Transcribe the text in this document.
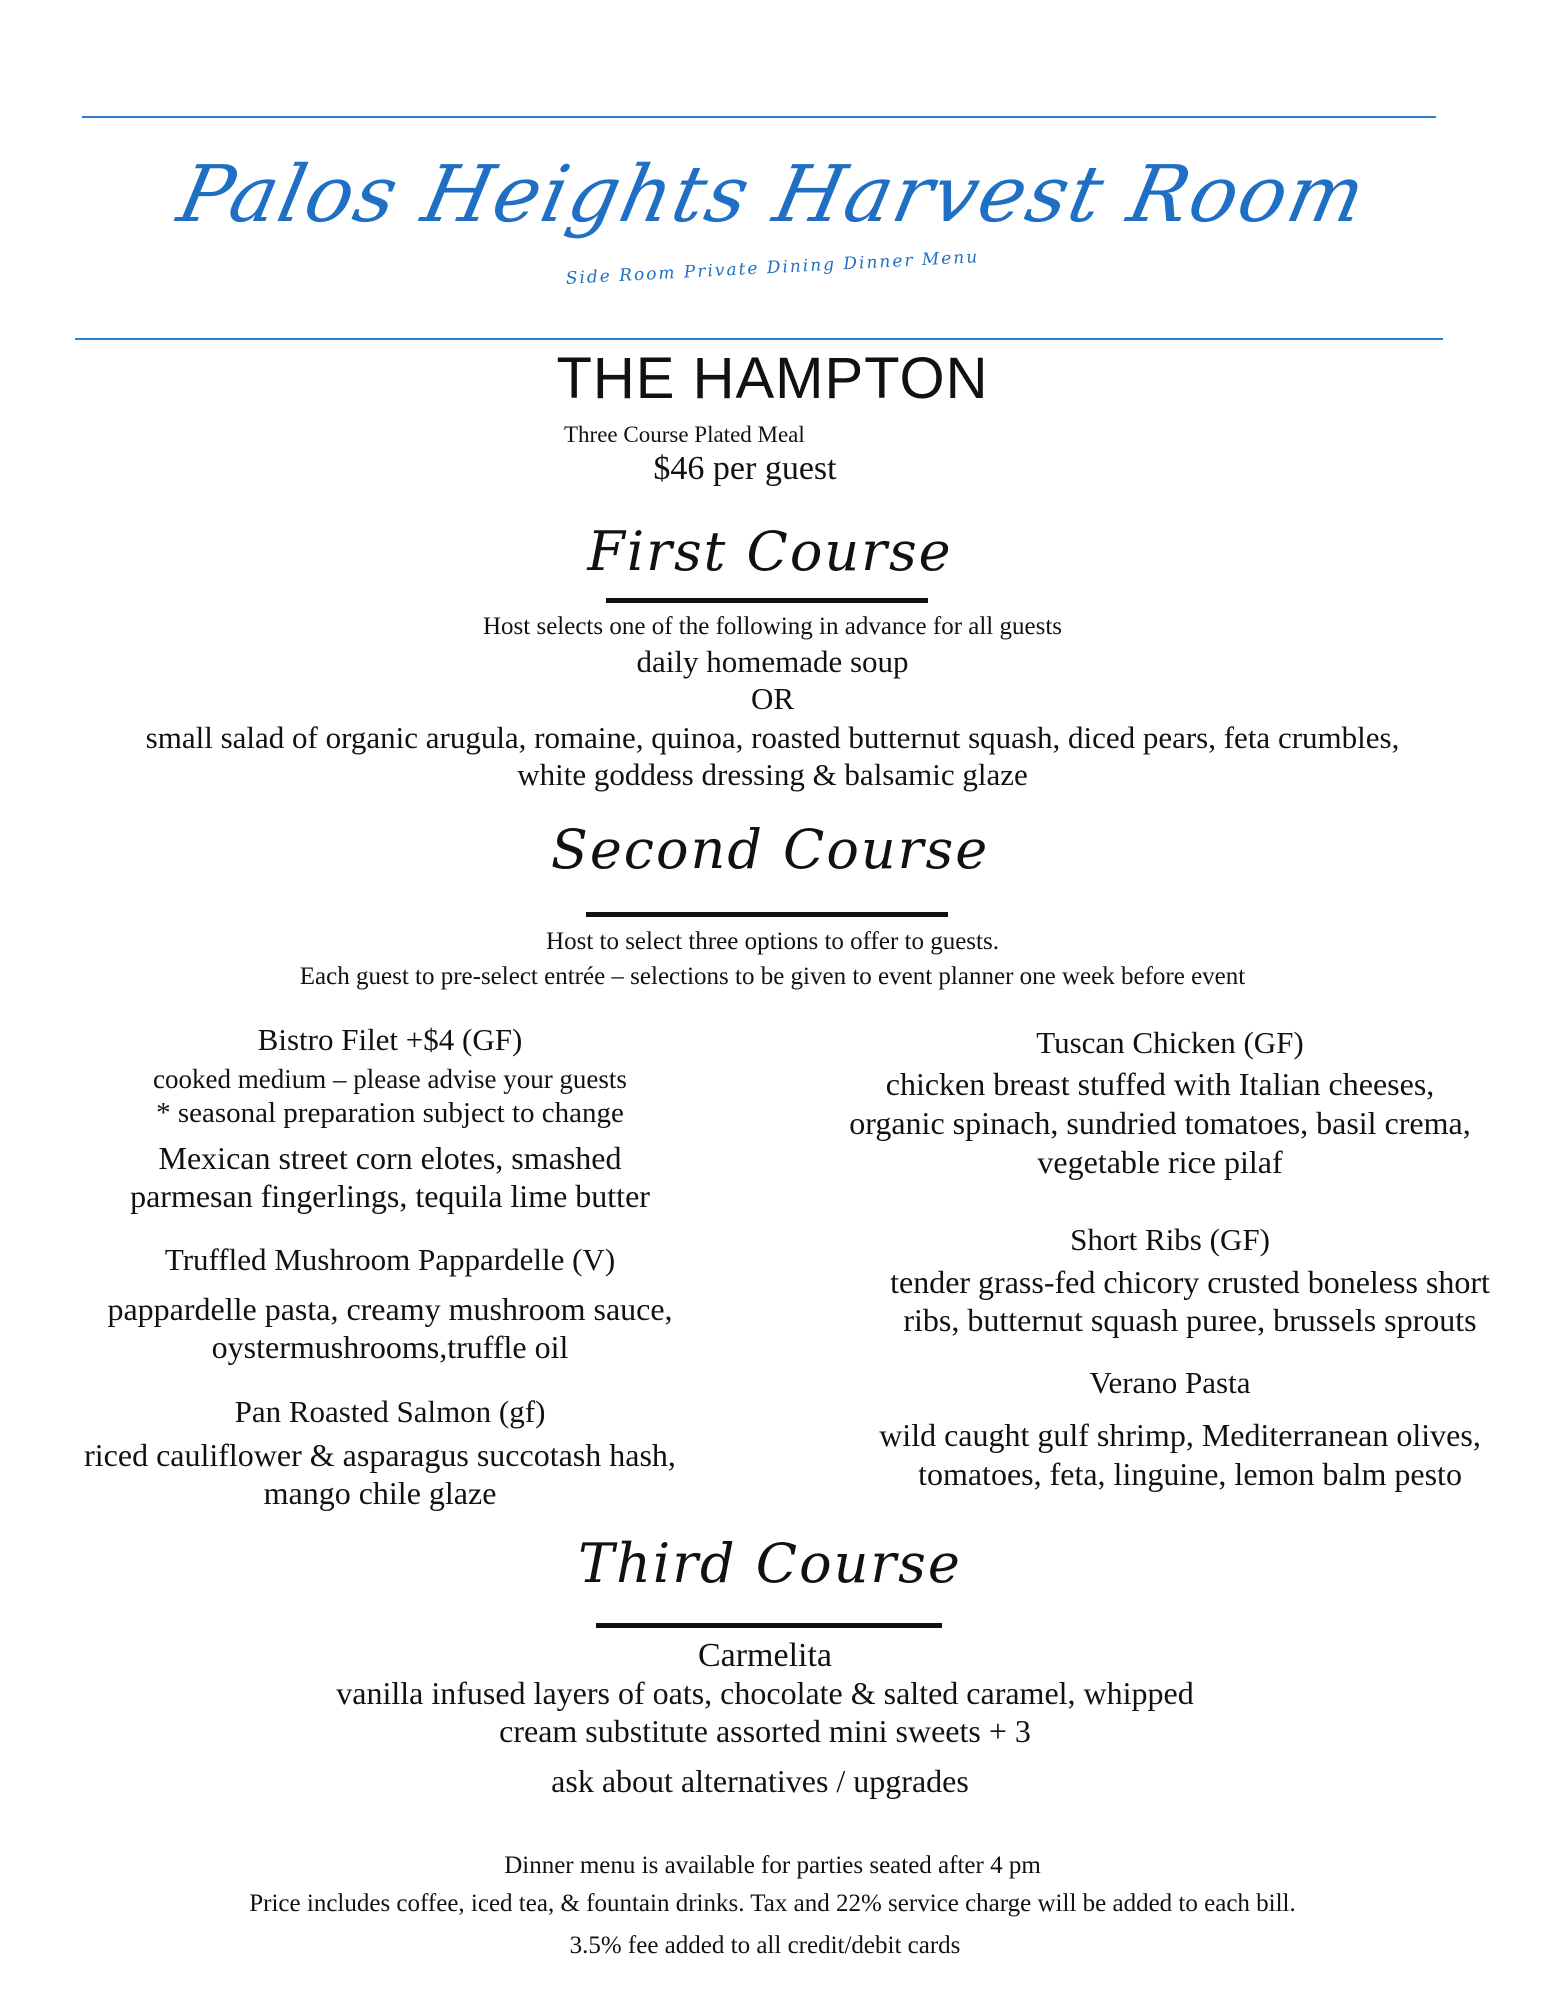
Palos Heights Harvest Room
Side Room Private Dining Dinner Menu
THE HAMPTON
Three Course Plated Meal
$46 per guest
First Course
Host selects one of the following in advance for all guests
daily homemade soup
OR
small salad of organic arugula, romaine, quinoa, roasted butternut squash, diced pears, feta crumbles,
white goddess dressing & balsamic glaze
Second Course
Host to select three options to offer to guests.
Each guest to pre-select entrée – selections to be given to event planner one week before event
Bistro Filet +$4 (GF)
cooked medium – please advise your guests
* seasonal preparation subject to change
Mexican street corn elotes, smashed
parmesan fingerlings, tequila lime butter
Truffled Mushroom Pappardelle (V)
pappardelle pasta, creamy mushroom sauce,
oystermushrooms,truffle oil
Pan Roasted Salmon (gf)
riced cauliflower & asparagus succotash hash,
mango chile glaze
Tuscan Chicken (GF)
chicken breast stuffed with Italian cheeses,
organic spinach, sundried tomatoes, basil crema,
vegetable rice pilaf
Short Ribs (GF)
tender grass-fed chicory crusted boneless short
ribs, butternut squash puree, brussels sprouts
Verano Pasta
wild caught gulf shrimp, Mediterranean olives,
tomatoes, feta, linguine, lemon balm pesto
Third Course
Carmelita
vanilla infused layers of oats, chocolate & salted caramel, whipped
cream substitute assorted mini sweets + 3
ask about alternatives / upgrades
Dinner menu is available for parties seated after 4 pm
Price includes coffee, iced tea, & fountain drinks. Tax and 22% service charge will be added to each bill.
3.5% fee added to all credit/debit cards
